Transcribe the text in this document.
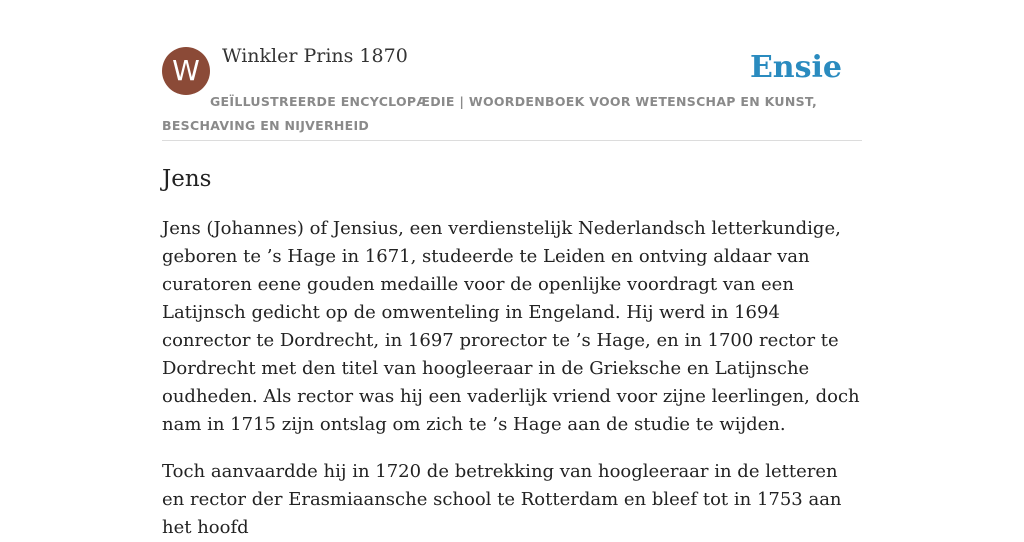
W	Winkler Prins 1870	Ensie
GEÏLLUSTREERDE ENCYCLOPÆDIE | WOORDENBOEK VOOR WETENSCHAP EN KUNST, BESCHAVING EN NIJVERHEID
Jens

Jens (Johannes) of Jensius, een verdienstelijk Nederlandsch letterkundige, geboren te ’s Hage in 1671, studeerde te Leiden en ontving aldaar van curatoren eene gouden medaille voor de openlijke voordragt van een Latijnsch gedicht op de omwenteling in Engeland. Hij werd in 1694 conrector te Dordrecht, in 1697 prorector te ’s Hage, en in 1700 rector te Dordrecht met den titel van hoogleeraar in de Grieksche en Latijnsche oudheden. Als rector was hij een vaderlijk vriend voor zijne leerlingen, doch nam in 1715 zijn ontslag om zich te ’s Hage aan de studie te wijden.

Toch aanvaardde hij in 1720 de betrekking van hoogleeraar in de letteren en rector der Erasmiaansche school te Rotterdam en bleef tot in 1753 aan het hoofd
